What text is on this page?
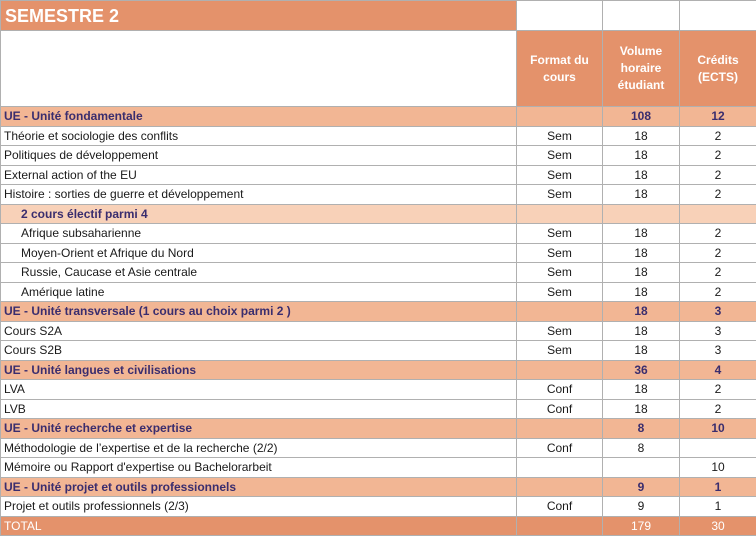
SEMESTRE 2			
	Format du cours	Volume horaire étudiant	Crédits (ECTS)
UE - Unité fondamentale		108	12
Théorie et sociologie des conflits	Sem	18	2
Politiques de développement	Sem	18	2
External action of the EU	Sem	18	2
Histoire : sorties de guerre et développement	Sem	18	2
2 cours électif parmi 4			
Afrique subsaharienne	Sem	18	2
Moyen-Orient et Afrique du Nord	Sem	18	2
Russie, Caucase et Asie centrale	Sem	18	2
Amérique latine	Sem	18	2
UE - Unité transversale (1 cours au choix parmi 2 )		18	3
Cours S2A	Sem	18	3
Cours S2B	Sem	18	3
UE - Unité langues et civilisations		36	4
LVA	Conf	18	2
LVB	Conf	18	2
UE - Unité recherche et expertise		8	10
Méthodologie de l’expertise et de la recherche (2/2)	Conf	8	
Mémoire ou Rapport d'expertise ou Bachelorarbeit			10
UE - Unité projet et outils professionnels		9	1
Projet et outils professionnels (2/3)	Conf	9	1
TOTAL		179	30
